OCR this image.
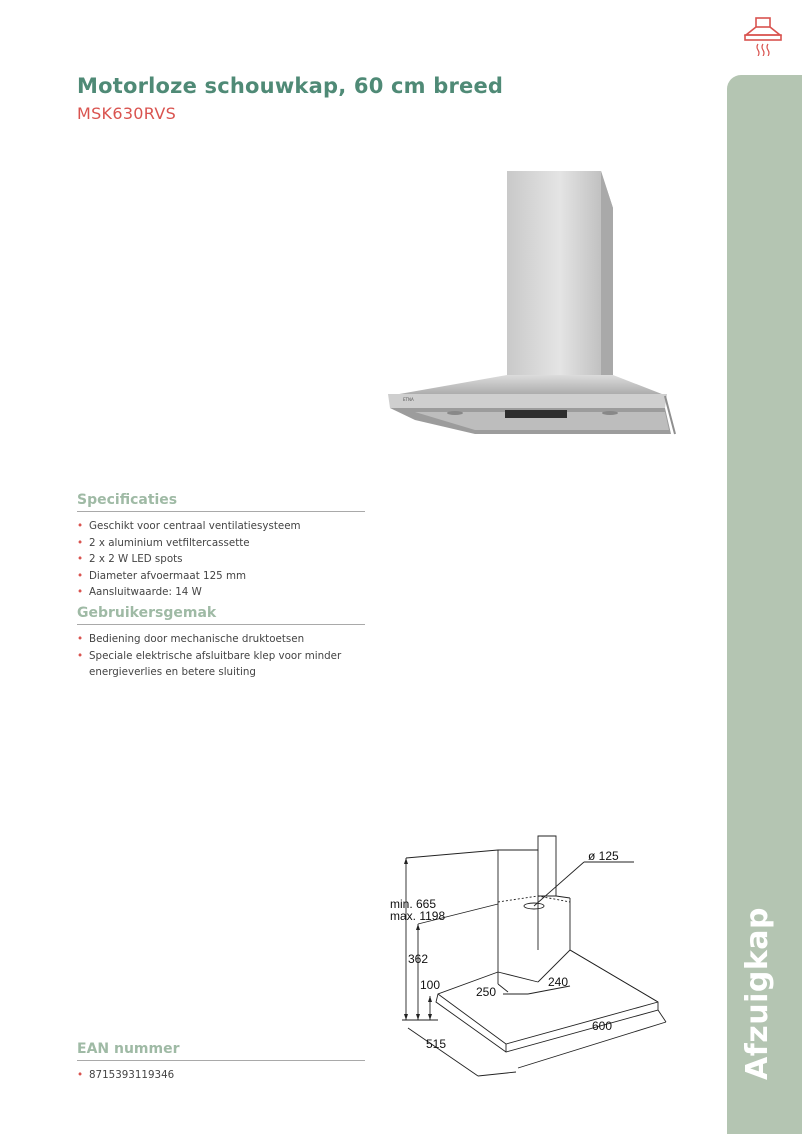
Motorloze schouwkap, 60 cm breed
MSK630RVS
ETNA
Specificaties
• Geschikt voor centraal ventilatiesysteem
• 2 x aluminium vetfiltercassette
• 2 x 2 W LED spots
• Diameter afvoermaat 125 mm
• Aansluitwaarde: 14 W
Gebruikersgemak
• Bediening door mechanische druktoetsen
• Speciale elektrische afsluitbare klep voor minder energieverlies en betere sluiting
EAN nummer
• 8715393119346
ø 125
min. 665
max. 1198
362
100	250
240
600
515	Afzuigkap
